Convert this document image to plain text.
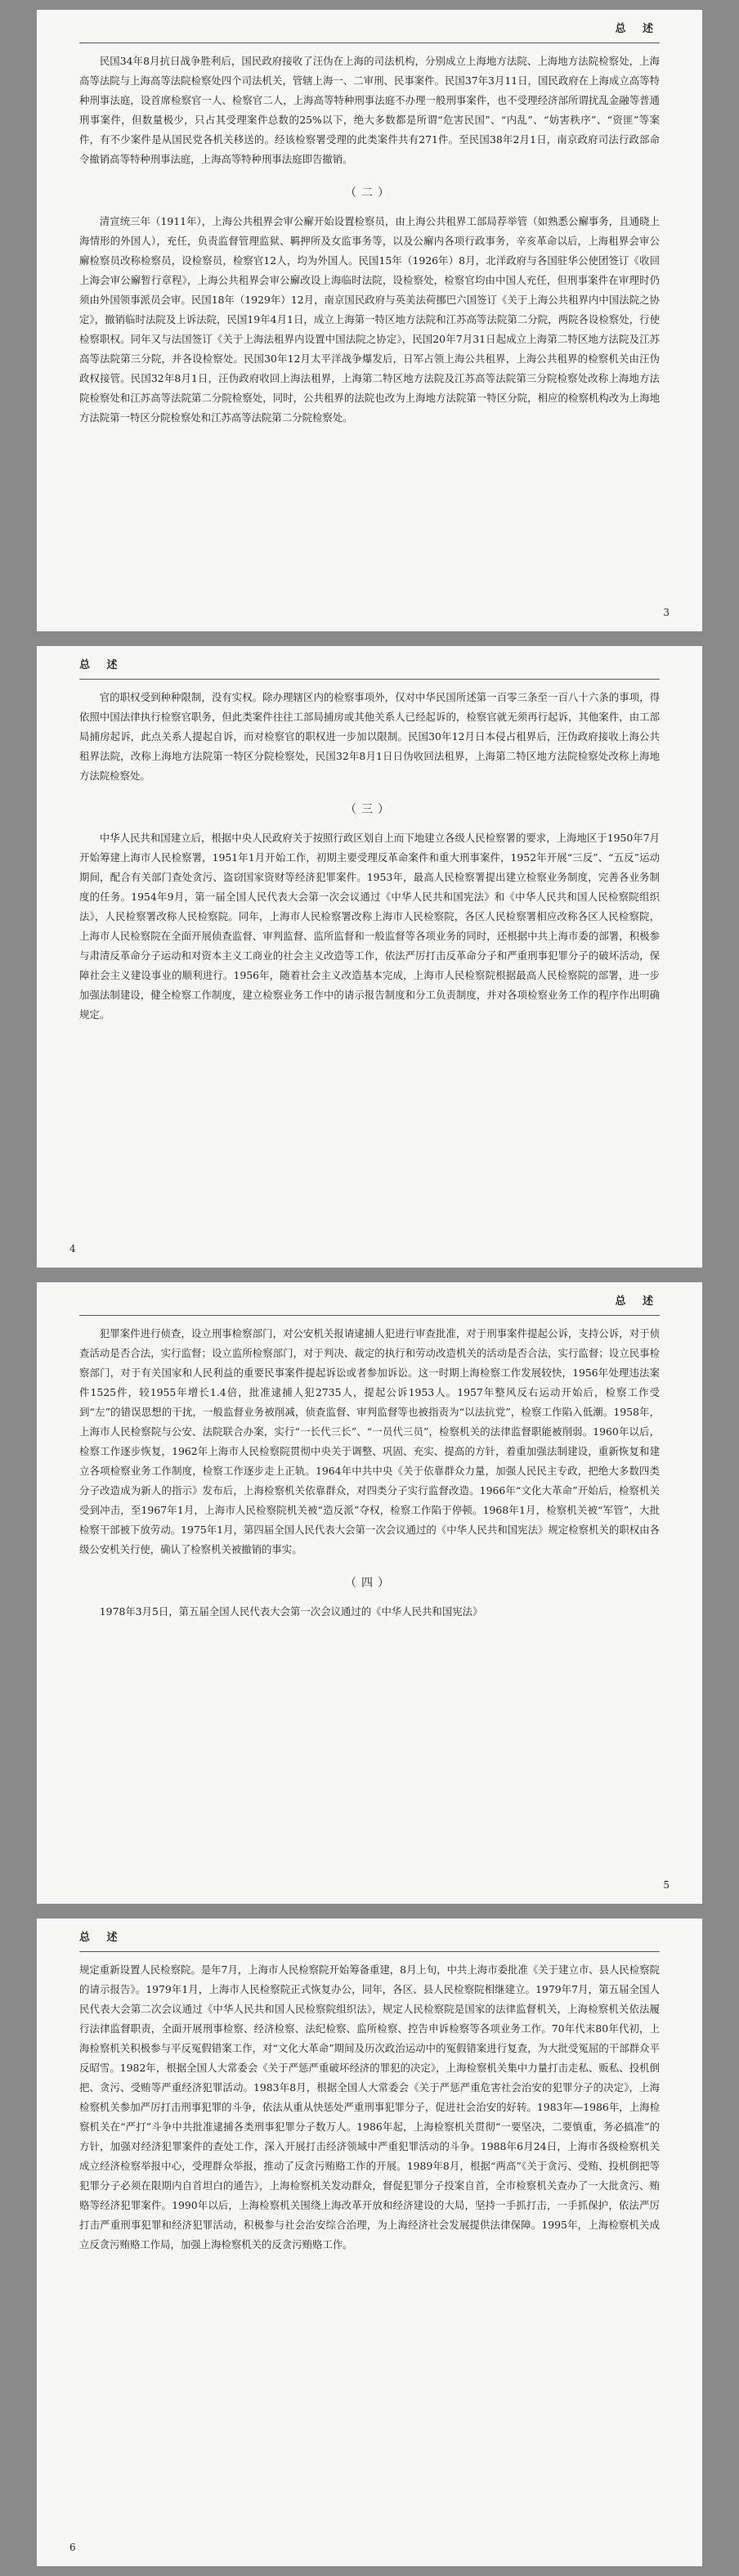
总 述

民国34年8月抗日战争胜利后，国民政府接收了汪伪在上海的司法机构，分别成立上海地方法院、上海地方法院检察处，上海高等法院与上海高等法院检察处四个司法机关，管辖上海一、二审刑、民事案件。民国37年3月11日，国民政府在上海成立高等特种刑事法庭，设首席检察官一人、检察官二人，上海高等特种刑事法庭不办理一般刑事案件，也不受理经济部所谓扰乱金融等普通刑事案件，但数量极少，只占其受理案件总数的25%以下，绝大多数都是所谓“危害民国”、“内乱”、“妨害秩序”、“资匪”等案件，有不少案件是从国民党各机关移送的。经该检察署受理的此类案件共有271件。至民国38年2月1日，南京政府司法行政部命令撤销高等特种刑事法庭，上海高等特种刑事法庭即告撤销。

（二）

清宣统三年（1911年），上海公共租界会审公廨开始设置检察员，由上海公共租界工部局荐举管（如熟悉公廨事务，且通晓上海情形的外国人），充任，负责监督管理监狱、羁押所及女监事务等，以及公廨内各项行政事务，辛亥革命以后，上海租界会审公廨检察员改称检察员，设检察员，检察官12人，均为外国人。民国15年（1926年）8月，北洋政府与各国驻华公使团签订《收回上海会审公廨暂行章程》，上海公共租界会审公廨改设上海临时法院，设检察处，检察官均由中国人充任，但刑事案件在审理时仍须由外国领事派员会审。民国18年（1929年）12月，南京国民政府与英美法荷挪巴六国签订《关于上海公共租界内中国法院之协定》，撤销临时法院及上诉法院，民国19年4月1日，成立上海第一特区地方法院和江苏高等法院第二分院，两院各设检察处，行使检察职权。同年又与法国签订《关于上海法租界内设置中国法院之协定》，民国20年7月31日起成立上海第二特区地方法院及江苏高等法院第三分院，并各设检察处。民国30年12月太平洋战争爆发后，日军占领上海公共租界，上海公共租界的检察机关由汪伪政权接管。民国32年8月1日，汪伪政府收回上海法租界，上海第二特区地方法院及江苏高等法院第三分院检察处改称上海地方法院检察处和江苏高等法院第二分院检察处，同时，公共租界的法院也改为上海地方法院第一特区分院，相应的检察机构改为上海地方法院第一特区分院检察处和江苏高等法院第二分院检察处。

3
总 述

官的职权受到种种限制，没有实权。除办理辖区内的检察事项外，仅对中华民国所述第一百零三条至一百八十六条的事项，得依照中国法律执行检察官职务，但此类案件往往工部局捕房或其他关系人已经起诉的，检察官就无须再行起诉，其他案件，由工部局捕房起诉，此点关系人提起自诉，而对检察官的职权进一步加以限制。民国30年12月日本侵占租界后，汪伪政府接收上海公共租界法院，改称上海地方法院第一特区分院检察处，民国32年8月1日日伪收回法租界，上海第二特区地方法院检察处改称上海地方法院检察处。

（三）

中华人民共和国建立后，根据中央人民政府关于按照行政区划自上而下地建立各级人民检察署的要求，上海地区于1950年7月开始筹建上海市人民检察署，1951年1月开始工作，初期主要受理反革命案件和重大刑事案件，1952年开展“三反”、“五反”运动期间，配合有关部门查处贪污、盗窃国家资财等经济犯罪案件。1953年，最高人民检察署提出建立检察业务制度，完善各业务制度的任务。1954年9月，第一届全国人民代表大会第一次会议通过《中华人民共和国宪法》和《中华人民共和国人民检察院组织法》，人民检察署改称人民检察院。同年，上海市人民检察署改称上海市人民检察院，各区人民检察署相应改称各区人民检察院，上海市人民检察院在全面开展侦查监督、审判监督、监所监督和一般监督等各项业务的同时，还根据中共上海市委的部署，积极参与肃清反革命分子运动和对资本主义工商业的社会主义改造等工作，依法严厉打击反革命分子和严重刑事犯罪分子的破坏活动，保障社会主义建设事业的顺利进行。1956年，随着社会主义改造基本完成，上海市人民检察院根据最高人民检察院的部署，进一步加强法制建设，健全检察工作制度，建立检察业务工作中的请示报告制度和分工负责制度，并对各项检察业务工作的程序作出明确规定。

4
总 述

犯罪案件进行侦查，设立刑事检察部门，对公安机关报请逮捕人犯进行审查批准，对于刑事案件提起公诉，支持公诉，对于侦查活动是否合法，实行监督；设立监所检察部门，对于判决、裁定的执行和劳动改造机关的活动是否合法，实行监督；设立民事检察部门，对于有关国家和人民利益的重要民事案件提起诉讼或者参加诉讼。这一时期上海检察工作发展较快，1956年处理违法案件1525件，较1955年增长1.4倍，批准逮捕人犯2735人，提起公诉1953人。1957年整风反右运动开始后，检察工作受到“左”的错误思想的干扰，一般监督业务被削减，侦查监督、审判监督等也被指责为“以法抗党”，检察工作陷入低潮。1958年，上海市人民检察院与公安、法院联合办案，实行“一长代三长”、“一员代三员”，检察机关的法律监督职能被削弱。1960年以后，检察工作逐步恢复，1962年上海市人民检察院贯彻中央关于调整、巩固、充实、提高的方针，着重加强法制建设，重新恢复和建立各项检察业务工作制度，检察工作逐步走上正轨。1964年中共中央《关于依靠群众力量，加强人民民主专政，把绝大多数四类分子改造成为新人的指示》发布后，上海检察机关依靠群众，对四类分子实行监督改造。1966年“文化大革命”开始后，检察机关受到冲击，至1967年1月，上海市人民检察院机关被“造反派”夺权，检察工作陷于停顿。1968年1月，检察机关被“军管”，大批检察干部被下放劳动。1975年1月，第四届全国人民代表大会第一次会议通过的《中华人民共和国宪法》规定检察机关的职权由各级公安机关行使，确认了检察机关被撤销的事实。

（四）

1978年3月5日，第五届全国人民代表大会第一次会议通过的《中华人民共和国宪法》

5
总 述

规定重新设置人民检察院。是年7月，上海市人民检察院开始筹备重建，8月上旬，中共上海市委批准《关于建立市、县人民检察院的请示报告》。1979年1月，上海市人民检察院正式恢复办公，同年，各区、县人民检察院相继建立。1979年7月，第五届全国人民代表大会第二次会议通过《中华人民共和国人民检察院组织法》，规定人民检察院是国家的法律监督机关，上海检察机关依法履行法律监督职责，全面开展刑事检察、经济检察、法纪检察、监所检察、控告申诉检察等各项业务工作。70年代末80年代初，上海检察机关积极参与平反冤假错案工作，对“文化大革命”期间及历次政治运动中的冤假错案进行复查，为大批受冤屈的干部群众平反昭雪。1982年，根据全国人大常委会《关于严惩严重破坏经济的罪犯的决定》，上海检察机关集中力量打击走私、贩私、投机倒把、贪污、受贿等严重经济犯罪活动。1983年8月，根据全国人大常委会《关于严惩严重危害社会治安的犯罪分子的决定》，上海检察机关参加严厉打击刑事犯罪的斗争，依法从重从快惩处严重刑事犯罪分子，促进社会治安的好转。1983年—1986年，上海检察机关在“严打”斗争中共批准逮捕各类刑事犯罪分子数万人。1986年起，上海检察机关贯彻“一要坚决，二要慎重，务必搞准”的方针，加强对经济犯罪案件的查处工作，深入开展打击经济领域中严重犯罪活动的斗争。1988年6月24日，上海市各级检察机关成立经济检察举报中心，受理群众举报，推动了反贪污贿赂工作的开展。1989年8月，根据“两高”《关于贪污、受贿、投机倒把等犯罪分子必须在限期内自首坦白的通告》，上海检察机关发动群众，督促犯罪分子投案自首，全市检察机关查办了一大批贪污、贿赂等经济犯罪案件。1990年以后，上海检察机关围绕上海改革开放和经济建设的大局，坚持一手抓打击，一手抓保护，依法严厉打击严重刑事犯罪和经济犯罪活动，积极参与社会治安综合治理，为上海经济社会发展提供法律保障。1995年，上海检察机关成立反贪污贿赂工作局，加强上海检察机关的反贪污贿赂工作。

6
